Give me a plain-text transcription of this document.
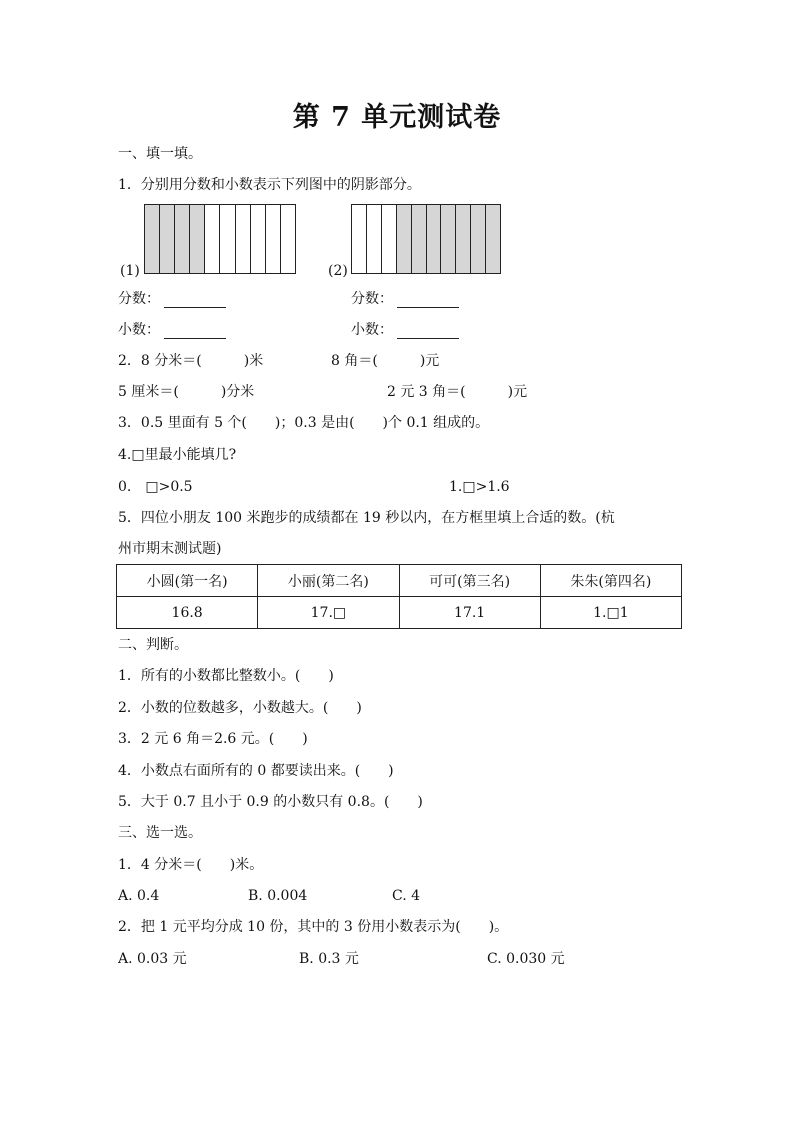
第 7 单元测试卷
一、填一填。
1．分别用分数和小数表示下列图中的阴影部分。
(1)	(2)
分数：	分数：
小数：	小数：
2．8 分米＝(　　　)米	8 角＝(　　　)元
5 厘米＝(　　　)分米	2 元 3 角＝(　　　)元
3．0.5 里面有 5 个(　　)；0.3 是由(　　)个 0.1 组成的。
4.□里最小能填几?
0.　□>0.5	1.□>1.6
5．四位小朋友 100 米跑步的成绩都在 19 秒以内，在方框里填上合适的数。(杭
州市期末测试题)
小圆(第一名)	小丽(第二名)	可可(第三名)	朱朱(第四名)
16.8	17.□	17.1	1.□1
二、判断。
1．所有的小数都比整数小。(　　)
2．小数的位数越多，小数越大。(　　)
3．2 元 6 角＝2.6 元。(　　)
4．小数点右面所有的 0 都要读出来。(　　)
5．大于 0.7 且小于 0.9 的小数只有 0.8。(　　)
三、选一选。
1．4 分米＝(　　)米。
A. 0.4	B. 0.004	C. 4
2．把 1 元平均分成 10 份，其中的 3 份用小数表示为(　　)。
A. 0.03 元	B. 0.3 元	C. 0.030 元
